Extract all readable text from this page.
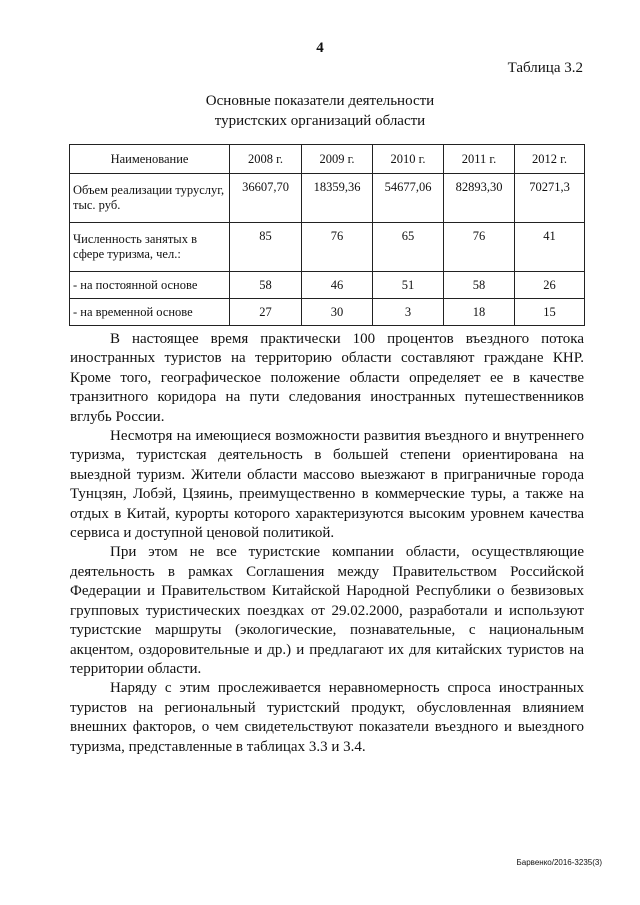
4
Таблица 3.2
Основные показатели деятельности
туристских организаций области
Наименование	2008 г.	2009 г.	2010 г.	2011 г.	2012 г.
Объем реализации туруслуг, тыс. руб.	36607,70	18359,36	54677,06	82893,30	70271,3
Численность занятых в сфере туризма, чел.:	85	76	65	76	41
- на постоянной основе	58	46	51	58	26
- на временной основе	27	30	3	18	15

В настоящее время практически 100 процентов въездного потока иностранных туристов на территорию области составляют граждане КНР. Кроме того, географическое положение области определяет ее в качестве транзитного коридора на пути следования иностранных путешественников вглубь России.

Несмотря на имеющиеся возможности развития въездного и внутреннего туризма, туристская деятельность в большей степени ориентирована на выездной туризм. Жители области массово выезжают в приграничные города Тунцзян, Лобэй, Цзяинь, преимущественно в коммерческие туры, а также на отдых в Китай, курорты которого характеризуются высоким уровнем качества сервиса и доступной ценовой политикой.

При этом не все туристские компании области, осуществляющие деятельность в рамках Соглашения между Правительством Российской Федерации и Правительством Китайской Народной Республики о безвизовых групповых туристических поездках от 29.02.2000, разработали и используют туристские маршруты (экологические, познавательные, с национальным акцентом, оздоровительные и др.) и предлагают их для китайских туристов на территории области.

Наряду с этим прослеживается неравномерность спроса иностранных туристов на региональный туристский продукт, обусловленная влиянием внешних факторов, о чем свидетельствуют показатели въездного и выездного туризма, представленные в таблицах 3.3 и 3.4.

Барвенко/2016-3235(3)
